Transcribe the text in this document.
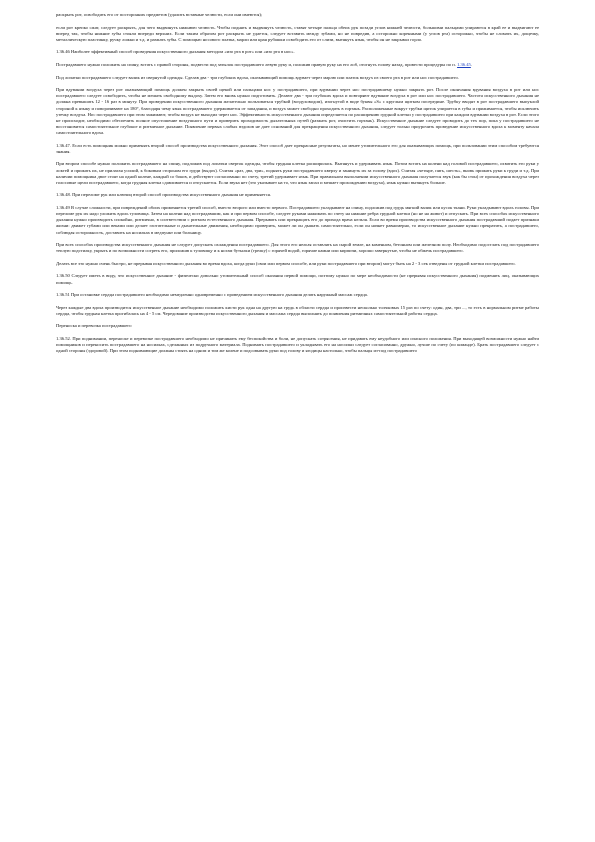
раскрыть рот, освободить его от посторонних предметов (удалить вставные челюсти, если они имеются);

если рот крепко сжат, следует раскрыть, для чего выдвинуть нижнюю челюсть. Чтобы поднять и выдвинуть челюсть, ставят четыре пальца обеих рук позади углов нижней челюсти, большими пальцами упираются в край ее и выдвигают ее вперед так, чтобы нижние зубы стояли впереди верхних. Если таким образом рот раскрыть не удается, следует вставить между зубами, но не повредив, а осторожно коренными (у углов рта) осторожно, чтобы не сломать их, дощечку, металлическую пластинку, ручку ложки и т.д. и разжать зубы. С помощью носового платка, марли или края рубашки освободить его от слизи, вытянуть язык, чтобы он не закрывал горло.

1.36.46 Наиболее эффективный способ проведения искусственного дыхания методом «изо рта в рот» или «изо рта в нос».

Пострадавшего нужно положить на спину, встать с правой стороны, подвести под затылок пострадавшего левую руку и, положив правую руку на его лоб, отогнуть голову назад, провести процедуры по п. 1.36.45.

Под лопатки пострадавшего следует валик из свернутой одежды. Сделав два - три глубоких вдоха, оказывающий помощь вдувает через марлю или платок воздух из своего рта в рот или нос пострадавшего.

При вдувании воздуха через рот оказывающий помощь должен закрыть своей щекой или пальцами нос у пострадавшего, при вдувании через нос пострадавшему нужно закрыть рот. После окончания вдувания воздуха в рот или нос пострадавшего следует освободить, чтобы не мешать свободному выдоху. Затем его вновь нужно подготовить. Делают два - три глубоких вдоха и повторяют вдувание воздуха в рот или нос пострадавшего. Частота искусственного дыхания не должна превышать 12 - 16 раз в минуту. При проведении искусственного дыхания желательно пользоваться трубкой (воздуховодом), изогнутой в виде буквы «S» с круглым щитком посередине. Трубку вводят в рот пострадавшего выпуклой стороной к языку и поворачивают на 180°, благодаря чему язык пострадавшего удерживается от западания, и воздух может свободно проходить в гортань. Расположенные вокруг трубки щиток упирается в губы и прижимается, чтобы исключить утечку воздуха. Нос пострадавшего при этом зажимают, чтобы воздух не выходил через нос. Эффективность искусственного дыхания определяется по расширению грудной клетки у пострадавшего при каждом вдувании воздуха в рот. Если этого не происходит, необходимо обеспечить полное опустошение воздушного пути и проверить проходимость дыхательных путей (разжать рот, очистить гортань). Искусственное дыхание следует проводить до тех пор, пока у пострадавшего не восстановится самостоятельное глубокое и ритмичное дыхание. Появление первых слабых вздохов не дает оснований для прекращения искусственного дыхания, следует только приурочить проведение искусственного вдоха к моменту начала самостоятельного вдоха.

1.36.47. Если есть помощник можно применять второй способ производства искусственного дыхания. Этот способ дает прекрасные результаты, но менее утомительного его для оказывающих помощь, при пользовании этим способом требуются знания.

При втором способе нужно положить пострадавшего на спину, подложив под лопатки сверток одежды, чтобы грудная клетка расширилась. Вытянуть и удерживать язык. Потом встать на колени над головой пострадавшего, охватить его руки у локтей и прижать их, не прилагая усилий, к боковым сторонам его груди (выдох). Считая «раз, два, три», поднять руки пострадавшего кверху и занинуть их за голову (вдох). Считая «четыре, пять, шесть», вновь прижать руки к груди и т.д. При наличии помощника двое стоят на одной колене, каждый со боков, и действуют согласованно по счету, третий удерживает язык. При правильном выполнении искусственного дыхания получается звук (как бы стон) от прохождения воздуха через голосовые щели пострадавшего, когда грудная клетка сдавливается и отпускается. Если звука нет (это указывает на то, что язык запал и мешает прохождению воздуха), язык нужно вытянуть больше.

1.36.48. При переломе рук или ключиц второй способ производства искусственного дыхания не применяется.

1.36.49 В случае сложности, при повреждений обоих применяется третий способ, вместо второго или вместо первого. Пострадавшего укладывают на спину, подложив под грудь мягкий валик или кусок ткани. Руки укладывают вдоль головы. При переломе рук их надо уложить вдоль туловища. Затем на колени над пострадавшим, как и при первом способе, следует руками нажимать по счету на нижние ребра грудной клетки (но не на живот) и отпускать. При всех способах искусственного дыхания нужно производить спокойно, ритмично, в соответствии с ритмом естественного дыхания. Прерывать или прекращать его до прихода врача нельзя. Если во время производства искусственного дыхания пострадавший подает признаки жизни: движет губами или веками или делает глотательные и дыхательные движения, необходимо проверить, может ли он дышать самостоятельно, если он начнет равномерно, то искусственное дыхание нужно прекратить, а пострадавшего, соблюдая осторожность, доставить на носилках в медпункт или больницу.

При всех способах производства искусственного дыхания не следует допускать охлаждения пострадавшего. Для этого его нельзя оставлять на сырой земле, на каменном, бетонном или железном полу. Необходимо подостлать под пострадавшего теплую подстилку, укрыть и по возможности согреть его, приложив к туловищу и к ногам бутылки (грелку) с горячей водой, горячие камни или кирпичи, хорошо завернутые, чтобы не обжечь пострадавшего.

Делать все это нужно очень быстро, не прерывая искусственного дыхания во время вдоха, когда руки (свои или первом способе, или руки пострадавшего при втором) могут быть на 2 - 3 сек отведены от грудной клетки пострадавшего.

1.36.50 Следует иметь в виду, что искусственное дыхание - физически довольно утомительный способ оказания первой помощи, поэтому нужно по мере необходимости (не прерывая искусственного дыхания) подменять лиц, оказывающих помощь.

1.36.51 При остановке сердца пострадавшего необходимо немедленно одновременно с проведением искусственного дыхания делать наружный массаж сердца.

Через каждые два вдоха производится искусственное дыхание необходимо положить кисти рук одна на другую на грудь в области сердца и произвести несколько толчковых 15 раз по счету: один, два, три ..., то есть в нормальном ритме работы сердца, чтобы грудная клетка прогибалась на 4 - 5 см. Чередование производства искусственного дыхания и массажа сердца выполнять до появления ритмичных самостоятельной работы сердца.

Переноска и перевозка пострадавшего

1.36.52. При поднимании, переноске и перевозке пострадавшего необходимо не причинить ему беспокойства и боли, не допускать сотрясения, не придавать ему неудобного или опасного положения. При выходящей возможности нужно найти помощников и переносить пострадавшего на носилках, сделанных из подручного материала. Поднимать пострадавшего и укладывать его на носилки следует согласованно, дружно, лучше по счету (по команде). Брать пострадавшего следует с одной стороны (здоровой). При этом поднимающие должны стоять на одном и том же колене и подсовывать руки под голову и ягодицы настолько, чтобы пальцы из-под пострадавшего
